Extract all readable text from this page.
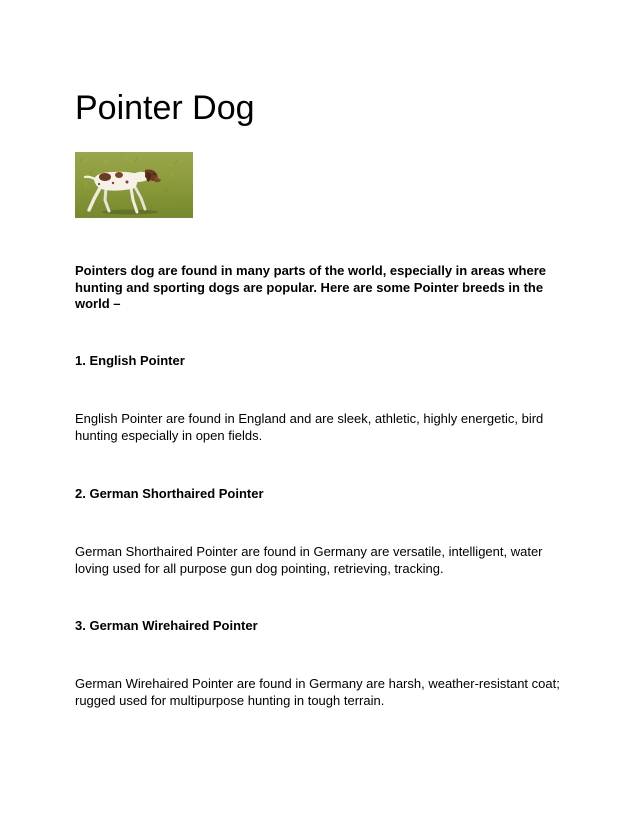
Pointer Dog
Pointers dog are found in many parts of the world, especially in areas where hunting and sporting dogs are popular. Here are some Pointer breeds in the world –
1. English Pointer
English Pointer are found in England and are sleek, athletic, highly energetic, bird hunting especially in open fields.
2. German Shorthaired Pointer
German Shorthaired Pointer are found in Germany are versatile, intelligent, water loving used for all purpose gun dog pointing, retrieving, tracking.
3. German Wirehaired Pointer
German Wirehaired Pointer are found in Germany are harsh, weather-resistant coat; rugged used for multipurpose hunting in tough terrain.
